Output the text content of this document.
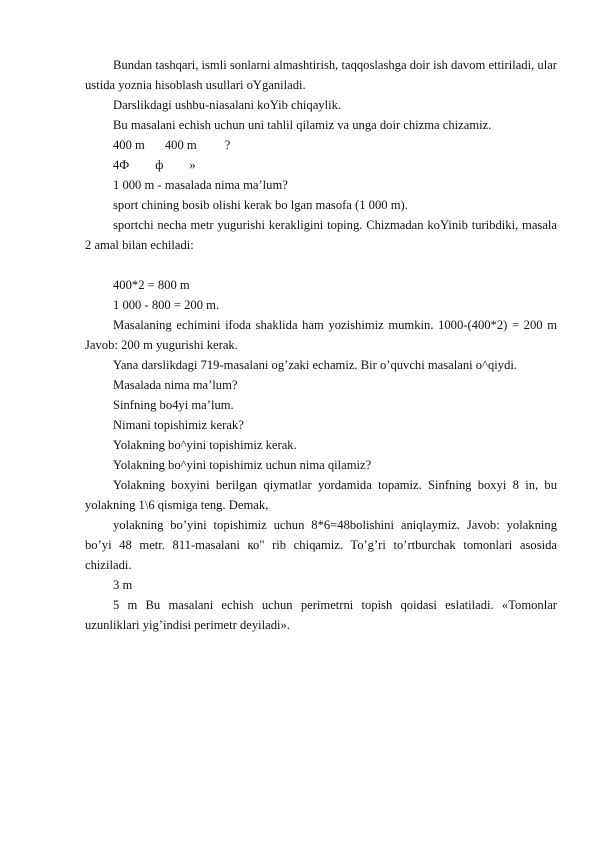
Bundan tashqari, ismli sonlarni almashtirish, taqqoslashga doir ish davom ettiriladi, ular ustida yoznia hisoblash usullari oYganiladi.

Darslikdagi ushbu-niasalani koYib chiqaylik.

Bu masalani echish uchun uni tahlil qilamiz va unga doir chizma chizamiz.

400 m 400 m ?

4Ф ф »

1 000 m - masalada nima ma’lum?

sport chining bosib olishi kerak bo lgan masofa (1 000 m).

sportchi necha metr yugurishi kerakligini toping. Chizmadan koYinib turibdiki, masala 2 amal bilan echiladi:

400*2 = 800 m

1 000 - 800 = 200 m.

Masalaning echimini ifoda shaklida ham yozishimiz mumkin. 1000-(400*2) = 200 m Javob: 200 m yugurishi kerak.

Yana darslikdagi 719-masalani og’zaki echamiz. Bir o’quvchi masalani o^qiydi.

Masalada nima ma’lum?

Sinfning bo4yi ma’lum.

Nimani topishimiz kerak?

Yolakning bo^yini topishimiz kerak.

Yolakning bo^yini topishimiz uchun nima qilamiz?

Yolakning boxyini berilgan qiymatlar yordamida topamiz. Sinfning boxyi 8 in, bu yolakning 1\6 qismiga teng. Demak,

yolakning bo’yini topishimiz uchun 8*6=48bolishini aniqlaymiz. Javob: yolakning bo’yi 48 metr. 811-masalani ко" rib chiqamiz. To’g’ri to’rtburchak tomonlari asosida chiziladi.

3 m

5 m Bu masalani echish uchun perimetrni topish qoidasi eslatiladi. «Tomonlar uzunliklari yig’indisi perimetr deyiladi».
